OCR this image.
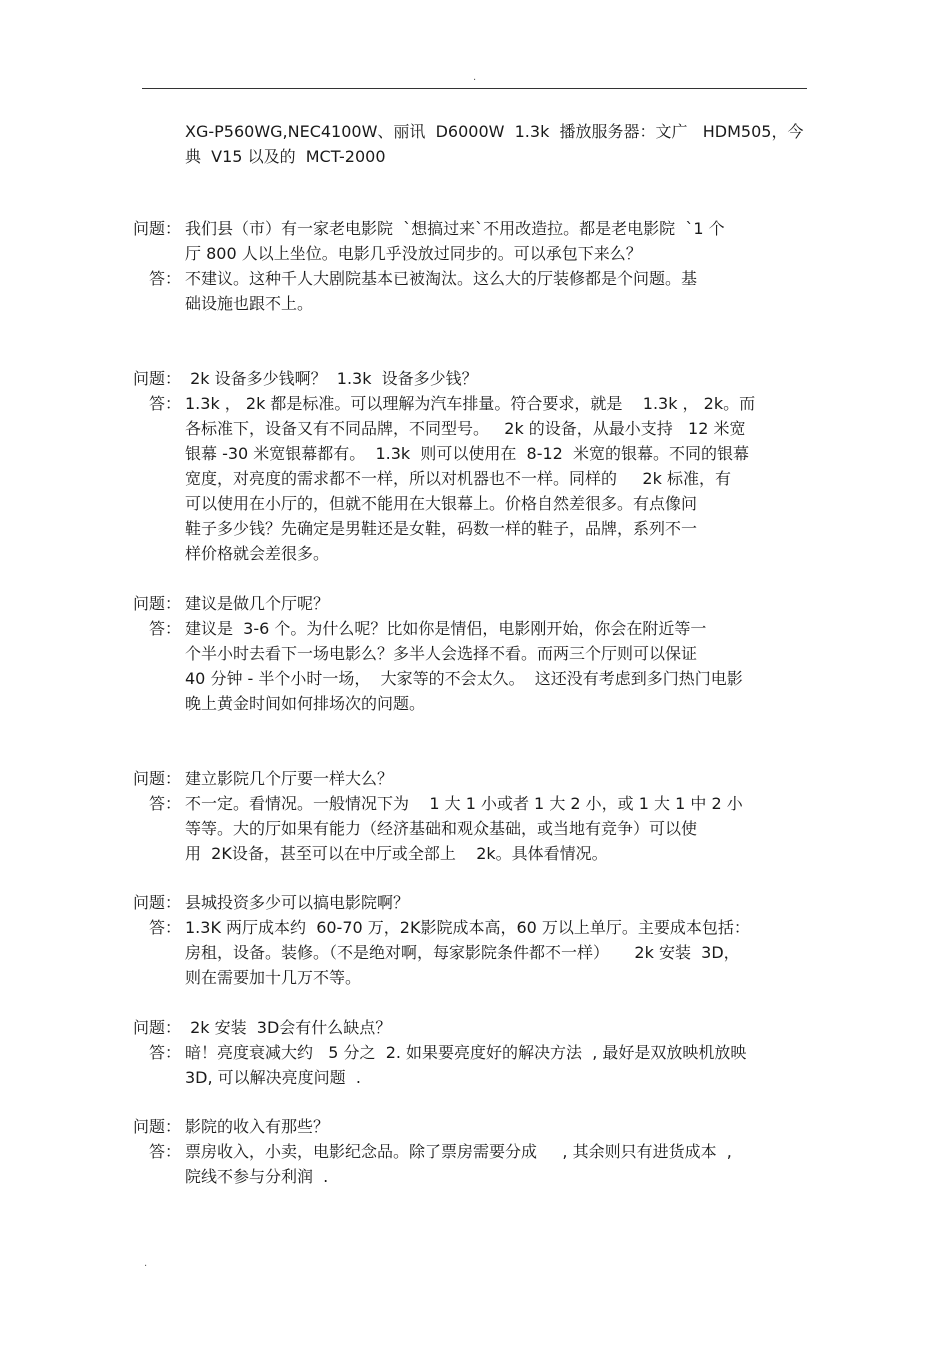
.
XG-P560WG,NEC4100W、丽讯  D6000W  1.3k  播放服务器：文广   HDM505，今
典  V15 以及的  MCT-2000
问题： 我们县（市）有一家老电影院  `想搞过来`不用改造拉。都是老电影院  `1 个
厅 800 人以上坐位。电影几乎没放过同步的。可以承包下来么？
答： 不建议。这种千人大剧院基本已被淘汰。这么大的厅装修都是个问题。基
础设施也跟不上。
问题： 2k 设备多少钱啊？  1.3k  设备多少钱？
答： 1.3k ， 2k 都是标准。可以理解为汽车排量。符合要求，就是    1.3k ， 2k。而
各标准下，设备又有不同品牌，不同型号。   2k 的设备，从最小支持   12 米宽
银幕 -30 米宽银幕都有。  1.3k  则可以使用在  8-12  米宽的银幕。不同的银幕
宽度，对亮度的需求都不一样，所以对机器也不一样。同样的     2k 标准，有
可以使用在小厅的，但就不能用在大银幕上。价格自然差很多。有点像问
鞋子多少钱？先确定是男鞋还是女鞋，码数一样的鞋子，品牌，系列不一
样价格就会差很多。
问题： 建议是做几个厅呢？
答： 建议是  3-6 个。为什么呢？比如你是情侣，电影刚开始，你会在附近等一
个半小时去看下一场电影么？多半人会选择不看。而两三个厅则可以保证
40 分钟 - 半个小时一场，  大家等的不会太久。  这还没有考虑到多门热门电影
晚上黄金时间如何排场次的问题。
问题： 建立影院几个厅要一样大么？
答： 不一定。看情况。一般情况下为    1 大 1 小或者 1 大 2 小，或 1 大 1 中 2 小
等等。大的厅如果有能力（经济基础和观众基础，或当地有竞争）可以使
用  2K设备，甚至可以在中厅或全部上    2k。具体看情况。
问题： 县城投资多少可以搞电影院啊？
答： 1.3K 两厅成本约  60-70 万，2K影院成本高，60 万以上单厅。主要成本包括：
房租，设备。装修。（不是绝对啊，每家影院条件都不一样）     2k 安装  3D，
则在需要加十几万不等。
问题： 2k 安装  3D会有什么缺点？
答： 暗！亮度衰减大约   5 分之  2. 如果要亮度好的解决方法  , 最好是双放映机放映
3D, 可以解决亮度问题  .
问题： 影院的收入有那些？
答： 票房收入，小卖，电影纪念品。除了票房需要分成     , 其余则只有进货成本  ,
院线不参与分利润  .
.
